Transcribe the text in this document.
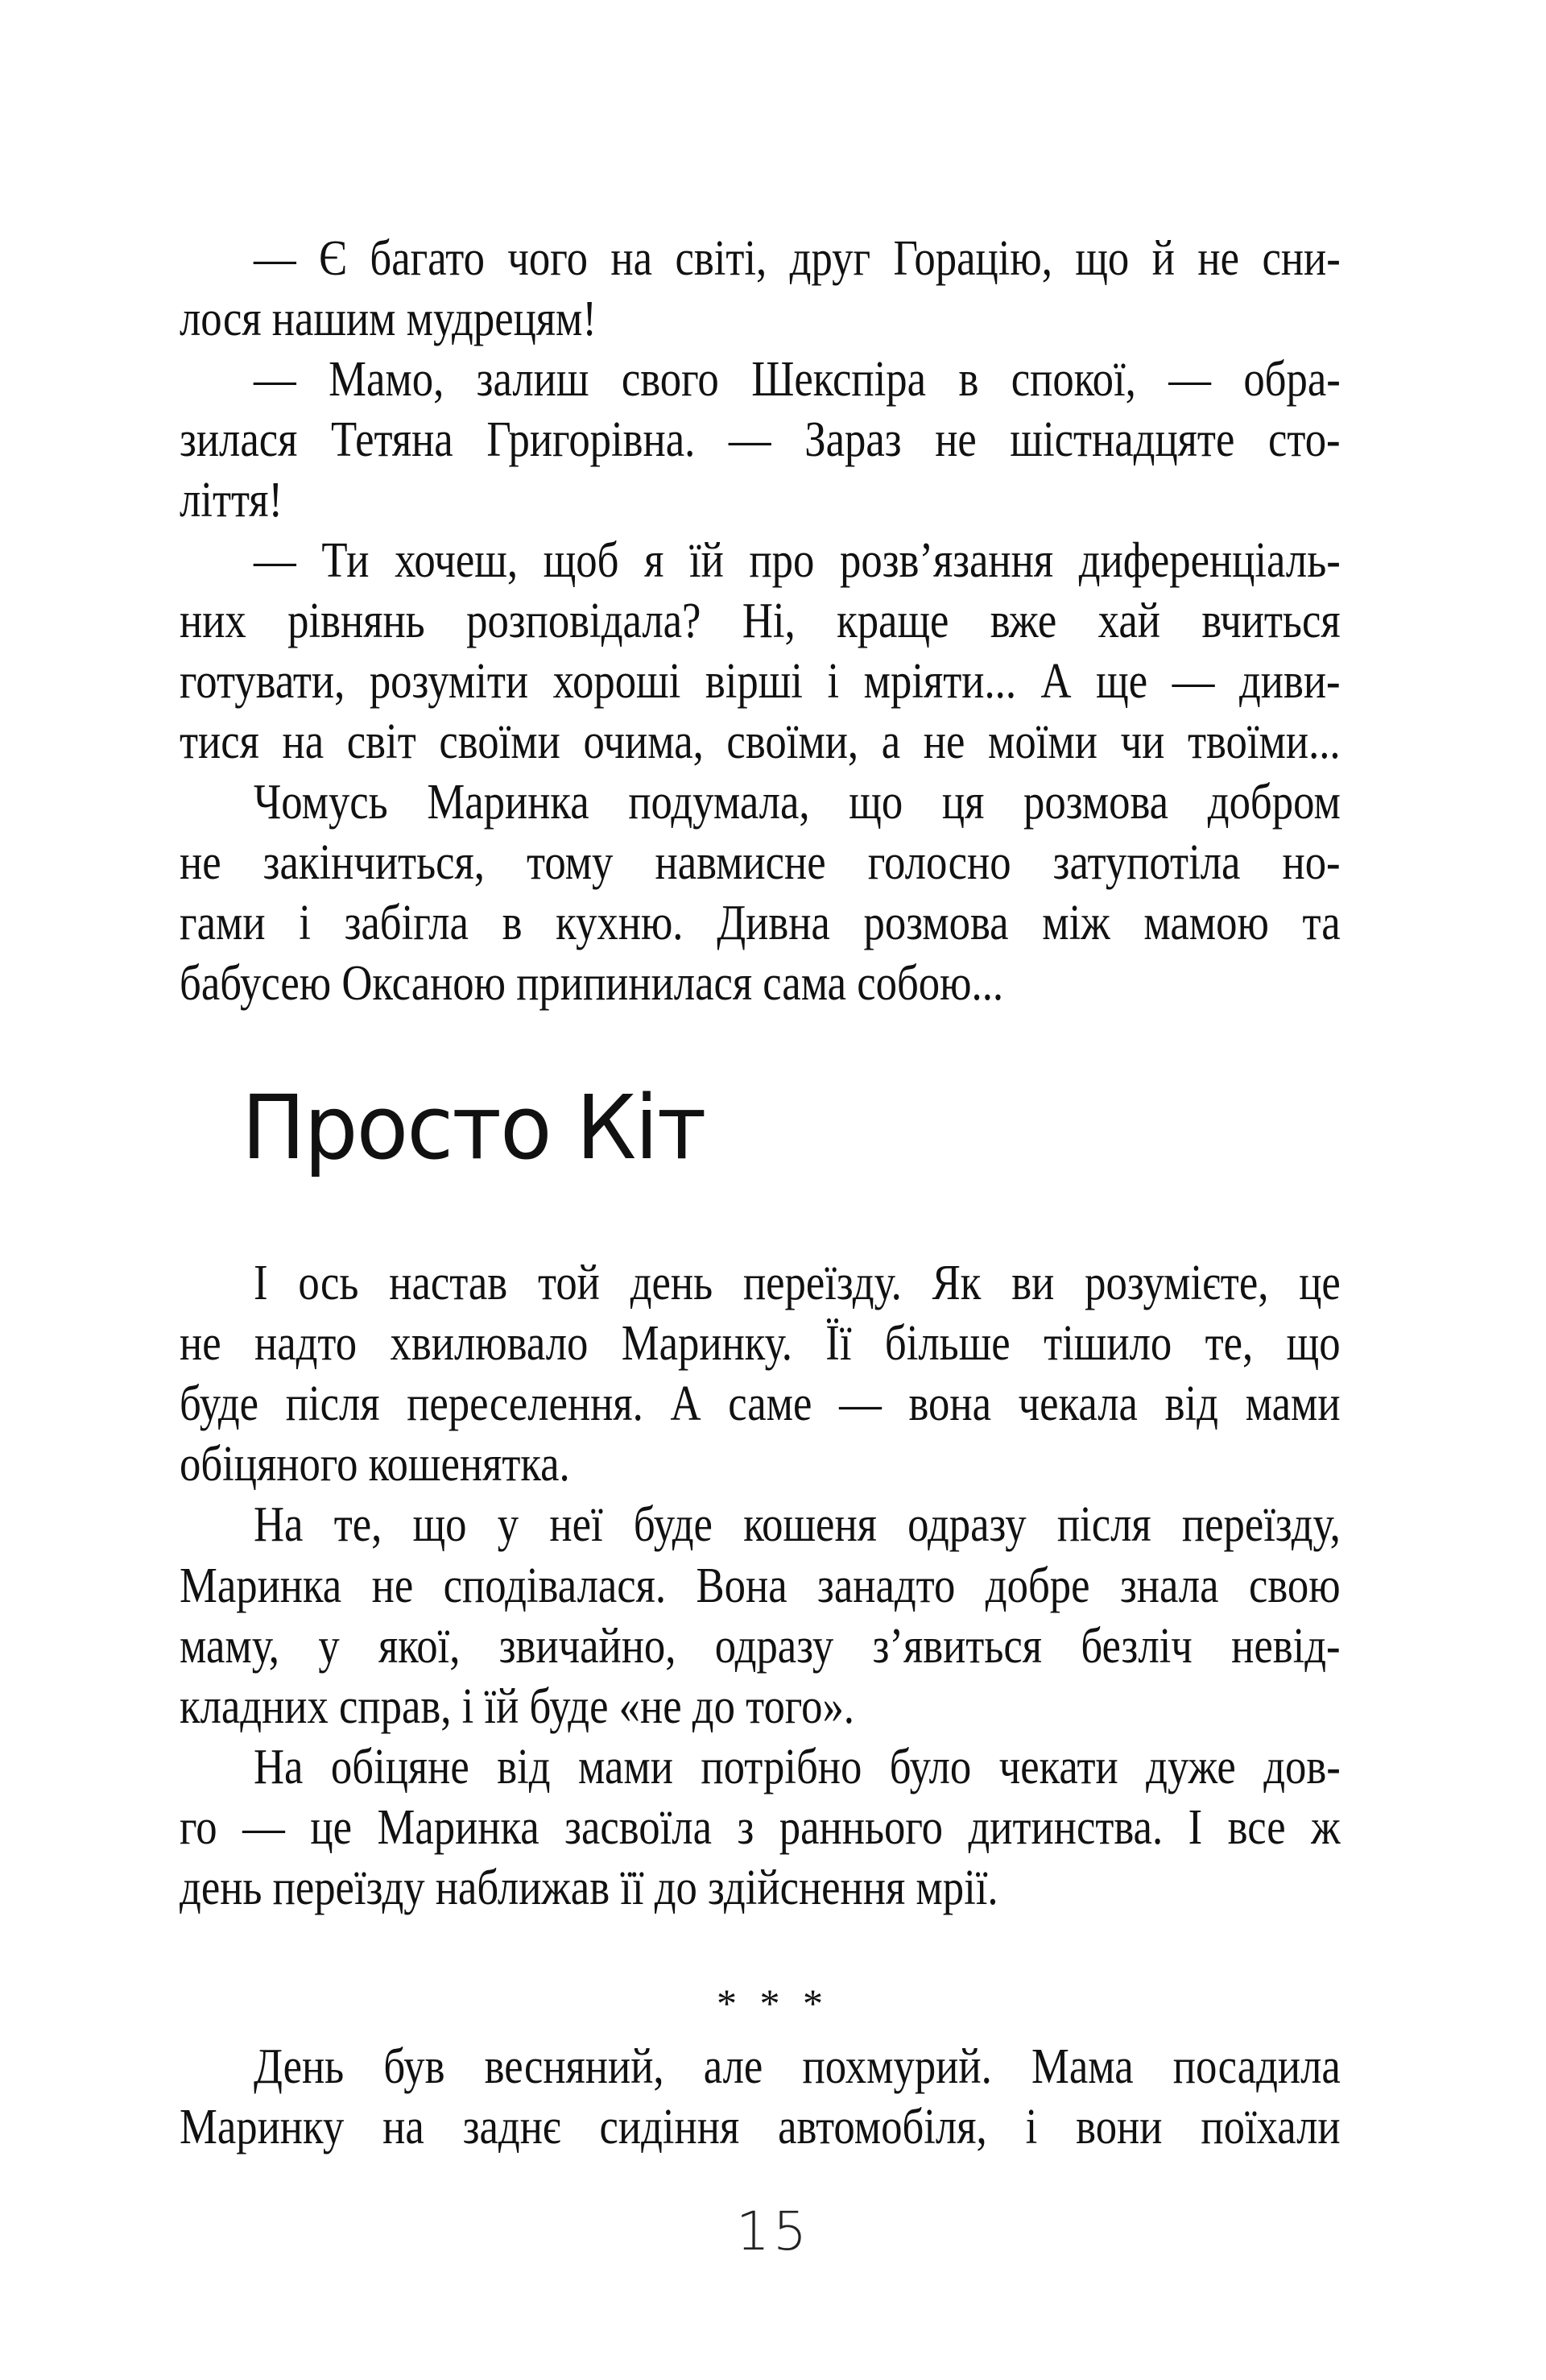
— Є багато чого на світі, друг Горацію, що й не сни-
лося нашим мудрецям!
— Мамо, залиш свого Шекспіра в спокої, — обра-
зилася Тетяна Григорівна. — Зараз не шістнадцяте сто-
ліття!
— Ти хочеш, щоб я їй про розв’язання диференціаль-
них рівнянь розповідала? Ні, краще вже хай вчиться
готувати, розуміти хороші вірші і мріяти... А ще — диви-
тися на світ своїми очима, своїми, а не моїми чи твоїми...
Чомусь Маринка подумала, що ця розмова добром
не закінчиться, тому навмисне голосно затупотіла но-
гами і забігла в кухню. Дивна розмова між мамою та
бабусею Оксаною припинилася сама собою...
Просто Кіт
І ось настав той день переїзду. Як ви розумієте, це
не надто хвилювало Маринку. Її більше тішило те, що
буде після переселення. А саме — вона чекала від мами
обіцяного кошенятка.
На те, що у неї буде кошеня одразу після переїзду,
Маринка не сподівалася. Вона занадто добре знала свою
маму, у якої, звичайно, одразу з’явиться безліч невід-
кладних справ, і їй буде «не до того».
На обіцяне від мами потрібно було чекати дуже дов-
го — це Маринка засвоїла з раннього дитинства. І все ж
день переїзду наближав її до здійснення мрії.
* * *
День був весняний, але похмурий. Мама посадила
Маринку на заднє сидіння автомобіля, і вони поїхали
15
